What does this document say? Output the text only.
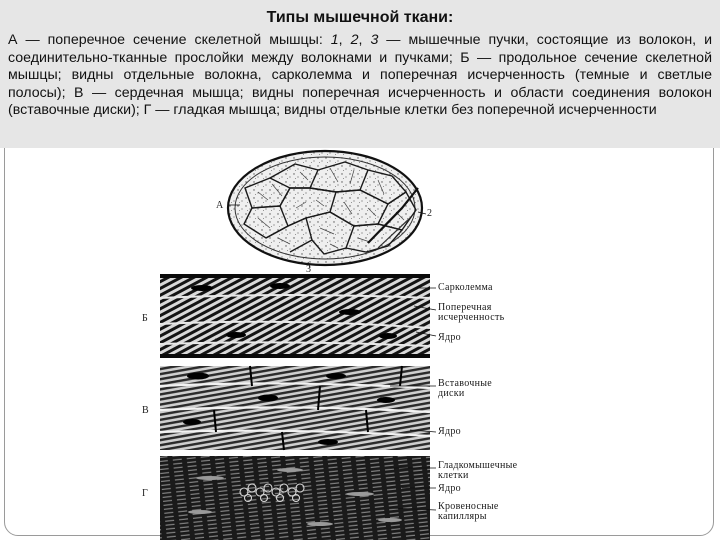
Типы мышечной ткани:
А — поперечное сечение скелетной мышцы: 1, 2, 3 — мышечные пучки, состоящие из волокон, и соединительно-тканные прослойки между волокнами и пучками; Б — продольное сечение скелетной мышцы; видны отдельные волокна, сарколемма и поперечная исчерченность (темные и светлые полосы); В — сердечная мышца; видны поперечная исчерченность и области соединения волокон (вставочные диски); Г — гладкая мышца; видны отдельные клетки без поперечной исчерченности
А
2
3
Б
В
Г
Сарколемма
Поперечная
исчерченность
Ядро
Вставочные
диски
Ядро
Гладкомышечные
клетки
Ядро
Кровеносные
капилляры
